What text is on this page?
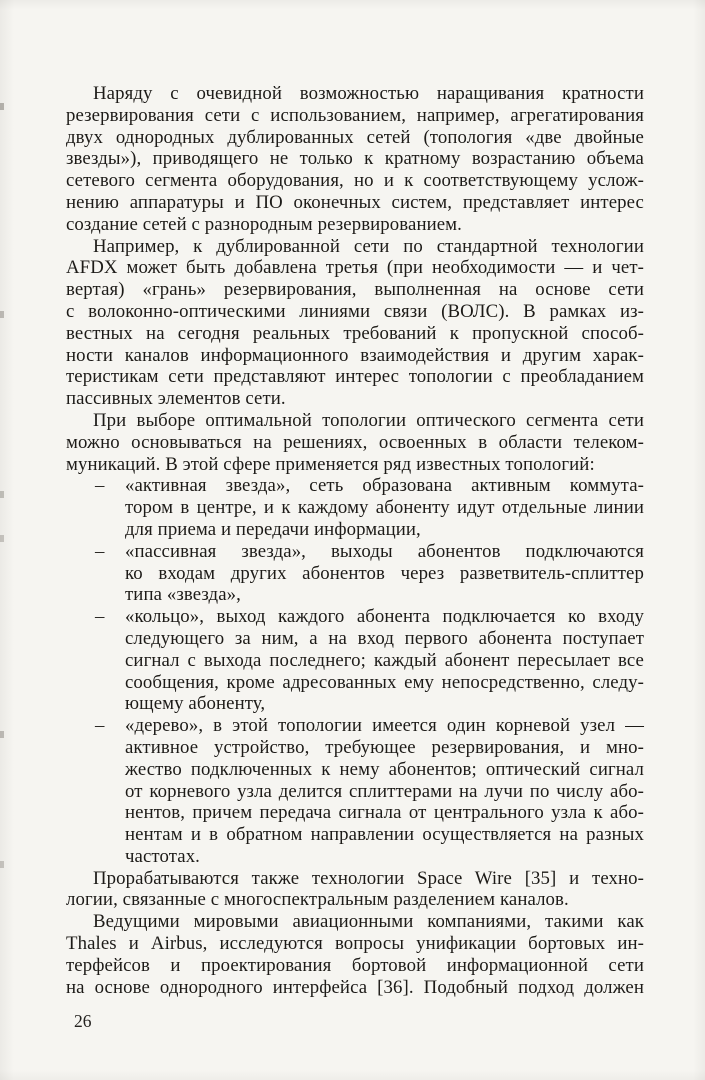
Наряду с очевидной возможностью наращивания кратности
резервирования сети с использованием, например, агрегатирования
двух однородных дублированных сетей (топология «две двойные
звезды»), приводящего не только к кратному возрастанию объема
сетевого сегмента оборудования, но и к соответствующему услож-
нению аппаратуры и ПО оконечных систем, представляет интерес
создание сетей с разнородным резервированием.
Например, к дублированной сети по стандартной технологии
AFDX может быть добавлена третья (при необходимости — и чет-
вертая) «грань» резервирования, выполненная на основе сети
с волоконно-оптическими линиями связи (ВОЛС). В рамках из-
вестных на сегодня реальных требований к пропускной способ-
ности каналов информационного взаимодействия и другим харак-
теристикам сети представляют интерес топологии с преобладанием
пассивных элементов сети.
При выборе оптимальной топологии оптического сегмента сети
можно основываться на решениях, освоенных в области телеком-
муникаций. В этой сфере применяется ряд известных топологий:
– «активная звезда», сеть образована активным коммута-
тором в центре, и к каждому абоненту идут отдельные линии
для приема и передачи информации,
– «пассивная звезда», выходы абонентов подключаются
ко входам других абонентов через разветвитель-сплиттер
типа «звезда»,
– «кольцо», выход каждого абонента подключается ко входу
следующего за ним, а на вход первого абонента поступает
сигнал с выхода последнего; каждый абонент пересылает все
сообщения, кроме адресованных ему непосредственно, следу-
ющему абоненту,
– «дерево», в этой топологии имеется один корневой узел —
активное устройство, требующее резервирования, и мно-
жество подключенных к нему абонентов; оптический сигнал
от корневого узла делится сплиттерами на лучи по числу або-
нентов, причем передача сигнала от центрального узла к або-
нентам и в обратном направлении осуществляется на разных
частотах.
Прорабатываются также технологии Space Wire [35] и техно-
логии, связанные с многоспектральным разделением каналов.
Ведущими мировыми авиационными компаниями, такими как
Thales и Airbus, исследуются вопросы унификации бортовых ин-
терфейсов и проектирования бортовой информационной сети
на основе однородного интерфейса [36]. Подобный подход должен
26
